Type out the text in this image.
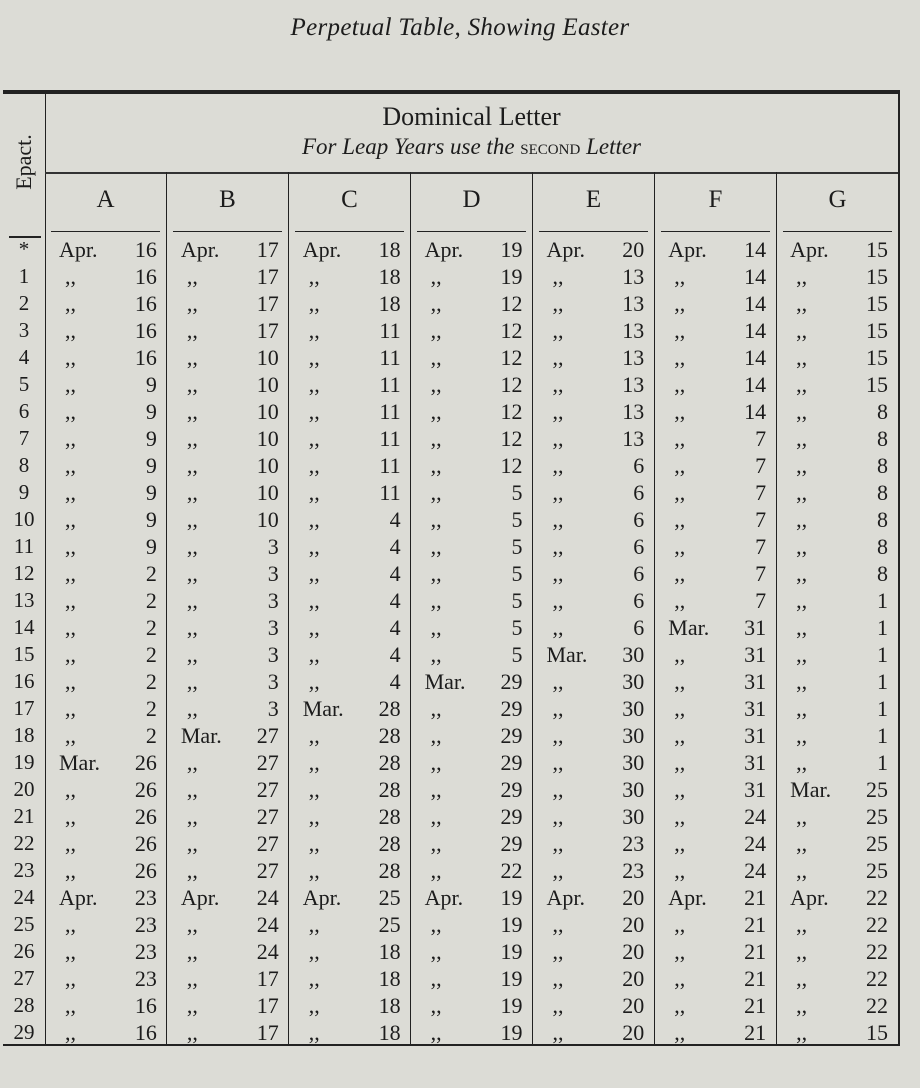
Perpetual Table, Showing Easter
Epact.
Dominical Letter
For Leap Years use the second Letter
A	B	C	D	E	F	G
*	Apr. 16 Apr. 17 Apr. 18 Apr. 19 Apr. 20 Apr. 14 Apr. 15
1	,,	16 ,,	17 ,,	18 ,,	19 ,,	13 ,,	14 ,,	15
2	,,	16 ,,	17 ,,	18 ,,	12 ,,	13 ,,	14 ,,	15
3	,,	16 ,,	17 ,,	11 ,,	12 ,,	13 ,,	14 ,,	15
4	,,	16 ,,	10 ,,	11 ,,	12 ,,	13 ,,	14 ,,	15
5	,,	9 ,,	10 ,,	11 ,,	12 ,,	13 ,,	14 ,,	15
6	,,	9 ,,	10 ,,	11 ,,	12 ,,	13 ,,	14 ,,	8
7	,,	9 ,,	10 ,,	11 ,,	12 ,,	13 ,,	7 ,,	8
8	,,	9 ,,	10 ,,	11 ,,	12 ,,	6 ,,	7 ,,	8
9	,,	9 ,,	10 ,,	11 ,,	5 ,,	6 ,,	7 ,,	8
10	,,	9 ,,	10 ,,	4 ,,	5 ,,	6 ,,	7 ,,	8
11	,,	9 ,,	3 ,,	4 ,,	5 ,,	6 ,,	7 ,,	8
12	,,	2 ,,	3 ,,	4 ,,	5 ,,	6 ,,	7 ,,	8
13	,,	2 ,,	3 ,,	4 ,,	5 ,,	6 ,,	7 ,,	1
14	,,	2 ,,	3 ,,	4 ,,	5 ,,	6 Mar. 31 ,,	1
15	,,	2 ,,	3 ,,	4 ,,	5 Mar. 30 ,,	31 ,,	1
16	,,	2 ,,	3 ,,	4 Mar. 29 ,,	30 ,,	31 ,,	1
17	,,	2 ,,	3 Mar. 28 ,,	29 ,,	30 ,,	31 ,,	1
18	,,	2 Mar. 27 ,,	28 ,,	29 ,,	30 ,,	31 ,,	1
19	Mar. 26 ,,	27 ,,	28 ,,	29 ,,	30 ,,	31 ,,	1
20	,,	26 ,,	27 ,,	28 ,,	29 ,,	30 ,,	31 Mar. 25
21	,,	26 ,,	27 ,,	28 ,,	29 ,,	30 ,,	24 ,,	25
22	,,	26 ,,	27 ,,	28 ,,	29 ,,	23 ,,	24 ,,	25
23	,,	26 ,,	27 ,,	28 ,,	22 ,,	23 ,,	24 ,,	25
24	Apr. 23 Apr. 24 Apr. 25 Apr. 19 Apr. 20 Apr. 21 Apr. 22
25	,,	23 ,,	24 ,,	25 ,,	19 ,,	20 ,,	21 ,,	22
26	,,	23 ,,	24 ,,	18 ,,	19 ,,	20 ,,	21 ,,	22
27	,,	23 ,,	17 ,,	18 ,,	19 ,,	20 ,,	21 ,,	22
28	,,	16 ,,	17 ,,	18 ,,	19 ,,	20 ,,	21 ,,	22
29	,,	16 ,,	17 ,,	18 ,,	19 ,,	20 ,,	21 ,,	15
